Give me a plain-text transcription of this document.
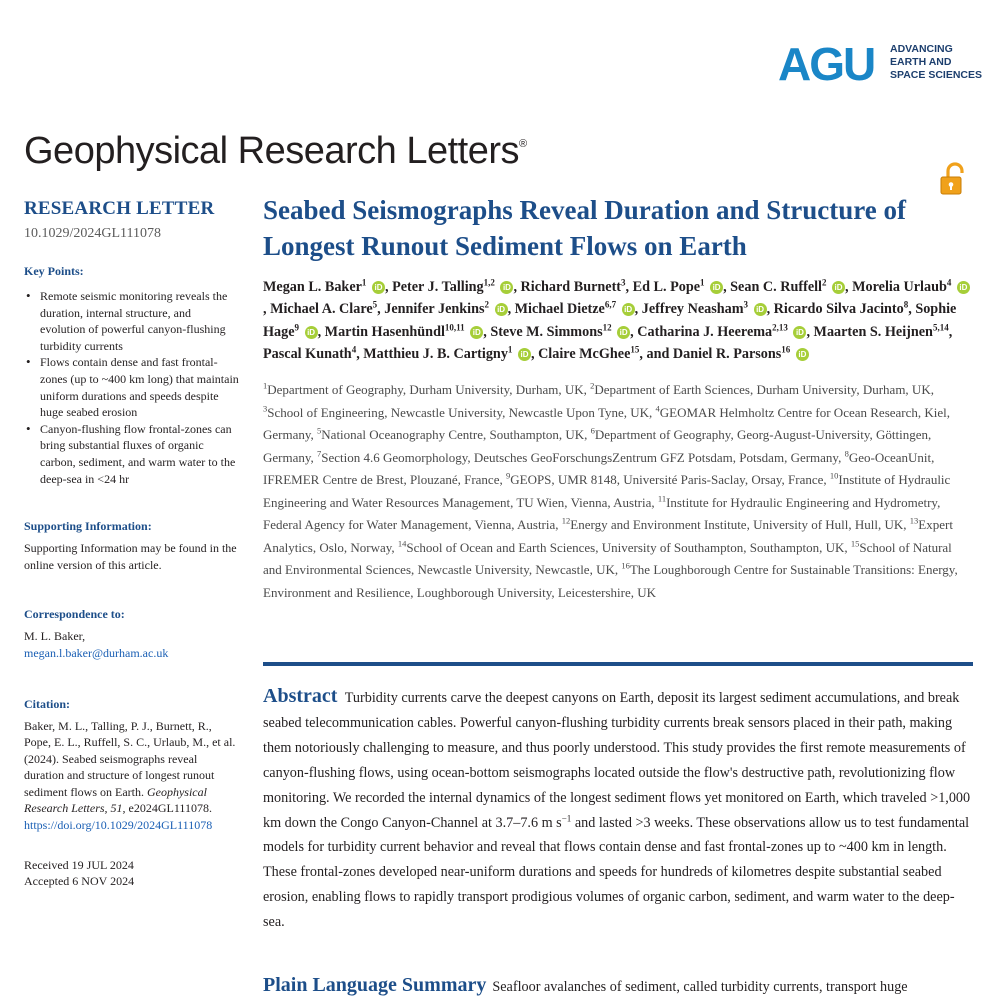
AGU ADVANCING
EARTH AND
SPACE SCIENCES
Geophysical Research Letters®
RESEARCH LETTER
10.1029/2024GL111078
Key Points:
• Remote seismic monitoring reveals the duration, internal structure, and evolution of powerful canyon-flushing turbidity currents
• Flows contain dense and fast frontal-zones (up to ~400 km long) that maintain uniform durations and speeds despite huge seabed erosion
• Canyon-flushing flow frontal-zones can bring substantial fluxes of organic carbon, sediment, and warm water to the deep-sea in <24 hr
Supporting Information:
Supporting Information may be found in the online version of this article.
Correspondence to:
M. L. Baker,
megan.l.baker@durham.ac.uk
Citation:
Baker, M. L., Talling, P. J., Burnett, R., Pope, E. L., Ruffell, S. C., Urlaub, M., et al. (2024). Seabed seismographs reveal duration and structure of longest runout sediment flows on Earth. Geophysical Research Letters, 51, e2024GL111078. https://doi.org/10.1029/2024GL111078
Received 19 JUL 2024
Accepted 6 NOV 2024
Seabed Seismographs Reveal Duration and Structure of Longest Runout Sediment Flows on Earth
Megan L. Baker$^1$ iD , Peter J. Talling$^{1,2}$ iD , Richard Burnett$^3$, Ed L. Pope$^1$ iD , Sean C. Ruffell$^2$ iD , Morelia Urlaub$^4$ iD, Michael A. Clare$^5$, Jennifer Jenkins$^2$ iD , Michael Dietze$^{6,7}$ iD , Jeffrey Neasham$^3$ iD , Ricardo Silva Jacinto$^8$, Sophie Hage$^9$ iD , Martin Hasenhündl$^{10,11}$ iD , Steve M. Simmons$^{12}$ iD , Catharina J. Heerema$^{2,13}$ iD , Maarten S. Heijnen$^{5,14}$, Pascal Kunath$^4$, Matthieu J. B. Cartigny$^1$ iD , Claire McGhee$^{15}$, and Daniel R. Parsons$^{16}$ iD
$^1$Department of Geography, Durham University, Durham, UK, $^2$Department of Earth Sciences, Durham University, Durham, UK, $^3$School of Engineering, Newcastle University, Newcastle Upon Tyne, UK, $^4$GEOMAR Helmholtz Centre for Ocean Research, Kiel, Germany, $^5$National Oceanography Centre, Southampton, UK, $^6$Department of Geography, Georg-August-University, Göttingen, Germany, $^7$Section 4.6 Geomorphology, Deutsches GeoForschungsZentrum GFZ Potsdam, Potsdam, Germany, $^8$Geo-OceanUnit, IFREMER Centre de Brest, Plouzané, France, $^9$GEOPS, UMR 8148, Université Paris-Saclay, Orsay, France, $^{10}$Institute of Hydraulic Engineering and Water Resources Management, TU Wien, Vienna, Austria, $^{11}$Institute for Hydraulic Engineering and Hydrometry, Federal Agency for Water Management, Vienna, Austria, $^{12}$Energy and Environment Institute, University of Hull, Hull, UK, $^{13}$Expert Analytics, Oslo, Norway, $^{14}$School of Ocean and Earth Sciences, University of Southampton, Southampton, UK, $^{15}$School of Natural and Environmental Sciences, Newcastle University, Newcastle, UK, $^{16}$The Loughborough Centre for Sustainable Transitions: Energy, Environment and Resilience, Loughborough University, Leicestershire, UK
Abstract Turbidity currents carve the deepest canyons on Earth, deposit its largest sediment accumulations, and break seabed telecommunication cables. Powerful canyon-flushing turbidity currents break sensors placed in their path, making them notoriously challenging to measure, and thus poorly understood. This study provides the first remote measurements of canyon-flushing flows, using ocean-bottom seismographs located outside the flow's destructive path, revolutionizing flow monitoring. We recorded the internal dynamics of the longest sediment flows yet monitored on Earth, which traveled >1,000 km down the Congo Canyon-Channel at 3.7–7.6 m $s^{-1}$ and lasted >3 weeks. These observations allow us to test fundamental models for turbidity current behavior and reveal that flows contain dense and fast frontal-zones up to ~400 km in length. These frontal-zones developed near-uniform durations and speeds for hundreds of kilometres despite substantial seabed erosion, enabling flows to rapidly transport prodigious volumes of organic carbon, sediment, and warm water to the deep-sea.
Plain Language Summary Seafloor avalanches of sediment, called turbidity currents, transport huge
